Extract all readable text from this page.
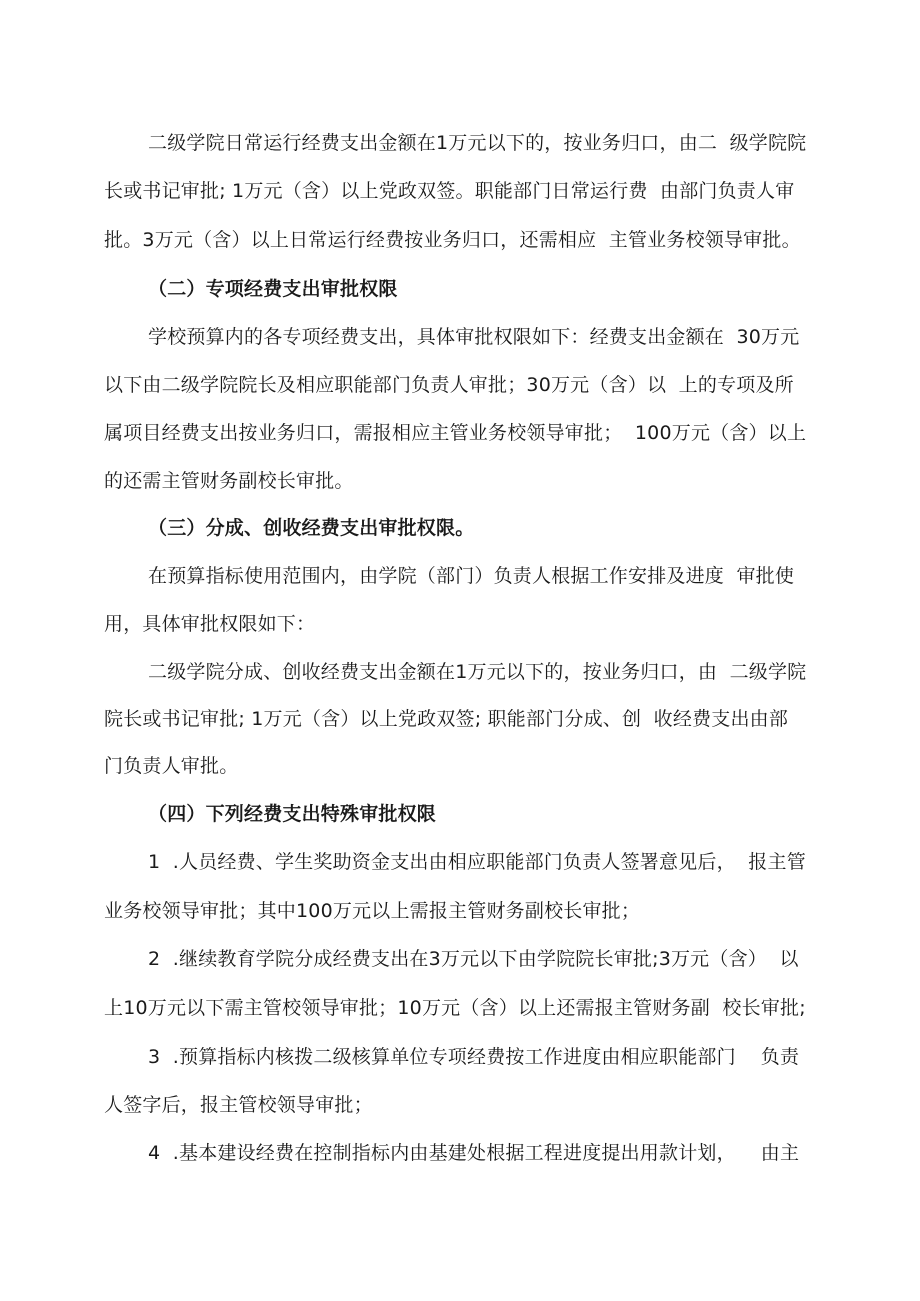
二级学院日常运行经费支出金额在1万元以下的，按业务归口，由二  级学院院
长或书记审批; 1万元（含）以上党政双签。职能部门日常运行费  由部门负责人审
批。3万元（含）以上日常运行经费按业务归口，还需相应  主管业务校领导审批。
（二）专项经费支出审批权限
学校预算内的各专项经费支出，具体审批权限如下：经费支出金额在  30万元
以下由二级学院院长及相应职能部门负责人审批；30万元（含）以  上的专项及所
属项目经费支出按业务归口，需报相应主管业务校领导审批；  100万元（含）以上
的还需主管财务副校长审批。
（三）分成、创收经费支出审批权限。
在预算指标使用范围内，由学院（部门）负责人根据工作安排及进度  审批使
用，具体审批权限如下：
二级学院分成、创收经费支出金额在1万元以下的，按业务归口，由  二级学院
院长或书记审批; 1万元（含）以上党政双签; 职能部门分成、创  收经费支出由部
门负责人审批。
（四）下列经费支出特殊审批权限
1  .人员经费、学生奖助资金支出由相应职能部门负责人签署意见后，  报主管
业务校领导审批；其中100万元以上需报主管财务副校长审批；
2  .继续教育学院分成经费支出在3万元以下由学院院长审批;3万元（含）  以
上10万元以下需主管校领导审批；10万元（含）以上还需报主管财务副  校长审批;
3  .预算指标内核拨二级核算单位专项经费按工作进度由相应职能部门    负责
人签字后，报主管校领导审批；
4  .基本建设经费在控制指标内由基建处根据工程进度提出用款计划，    由主
